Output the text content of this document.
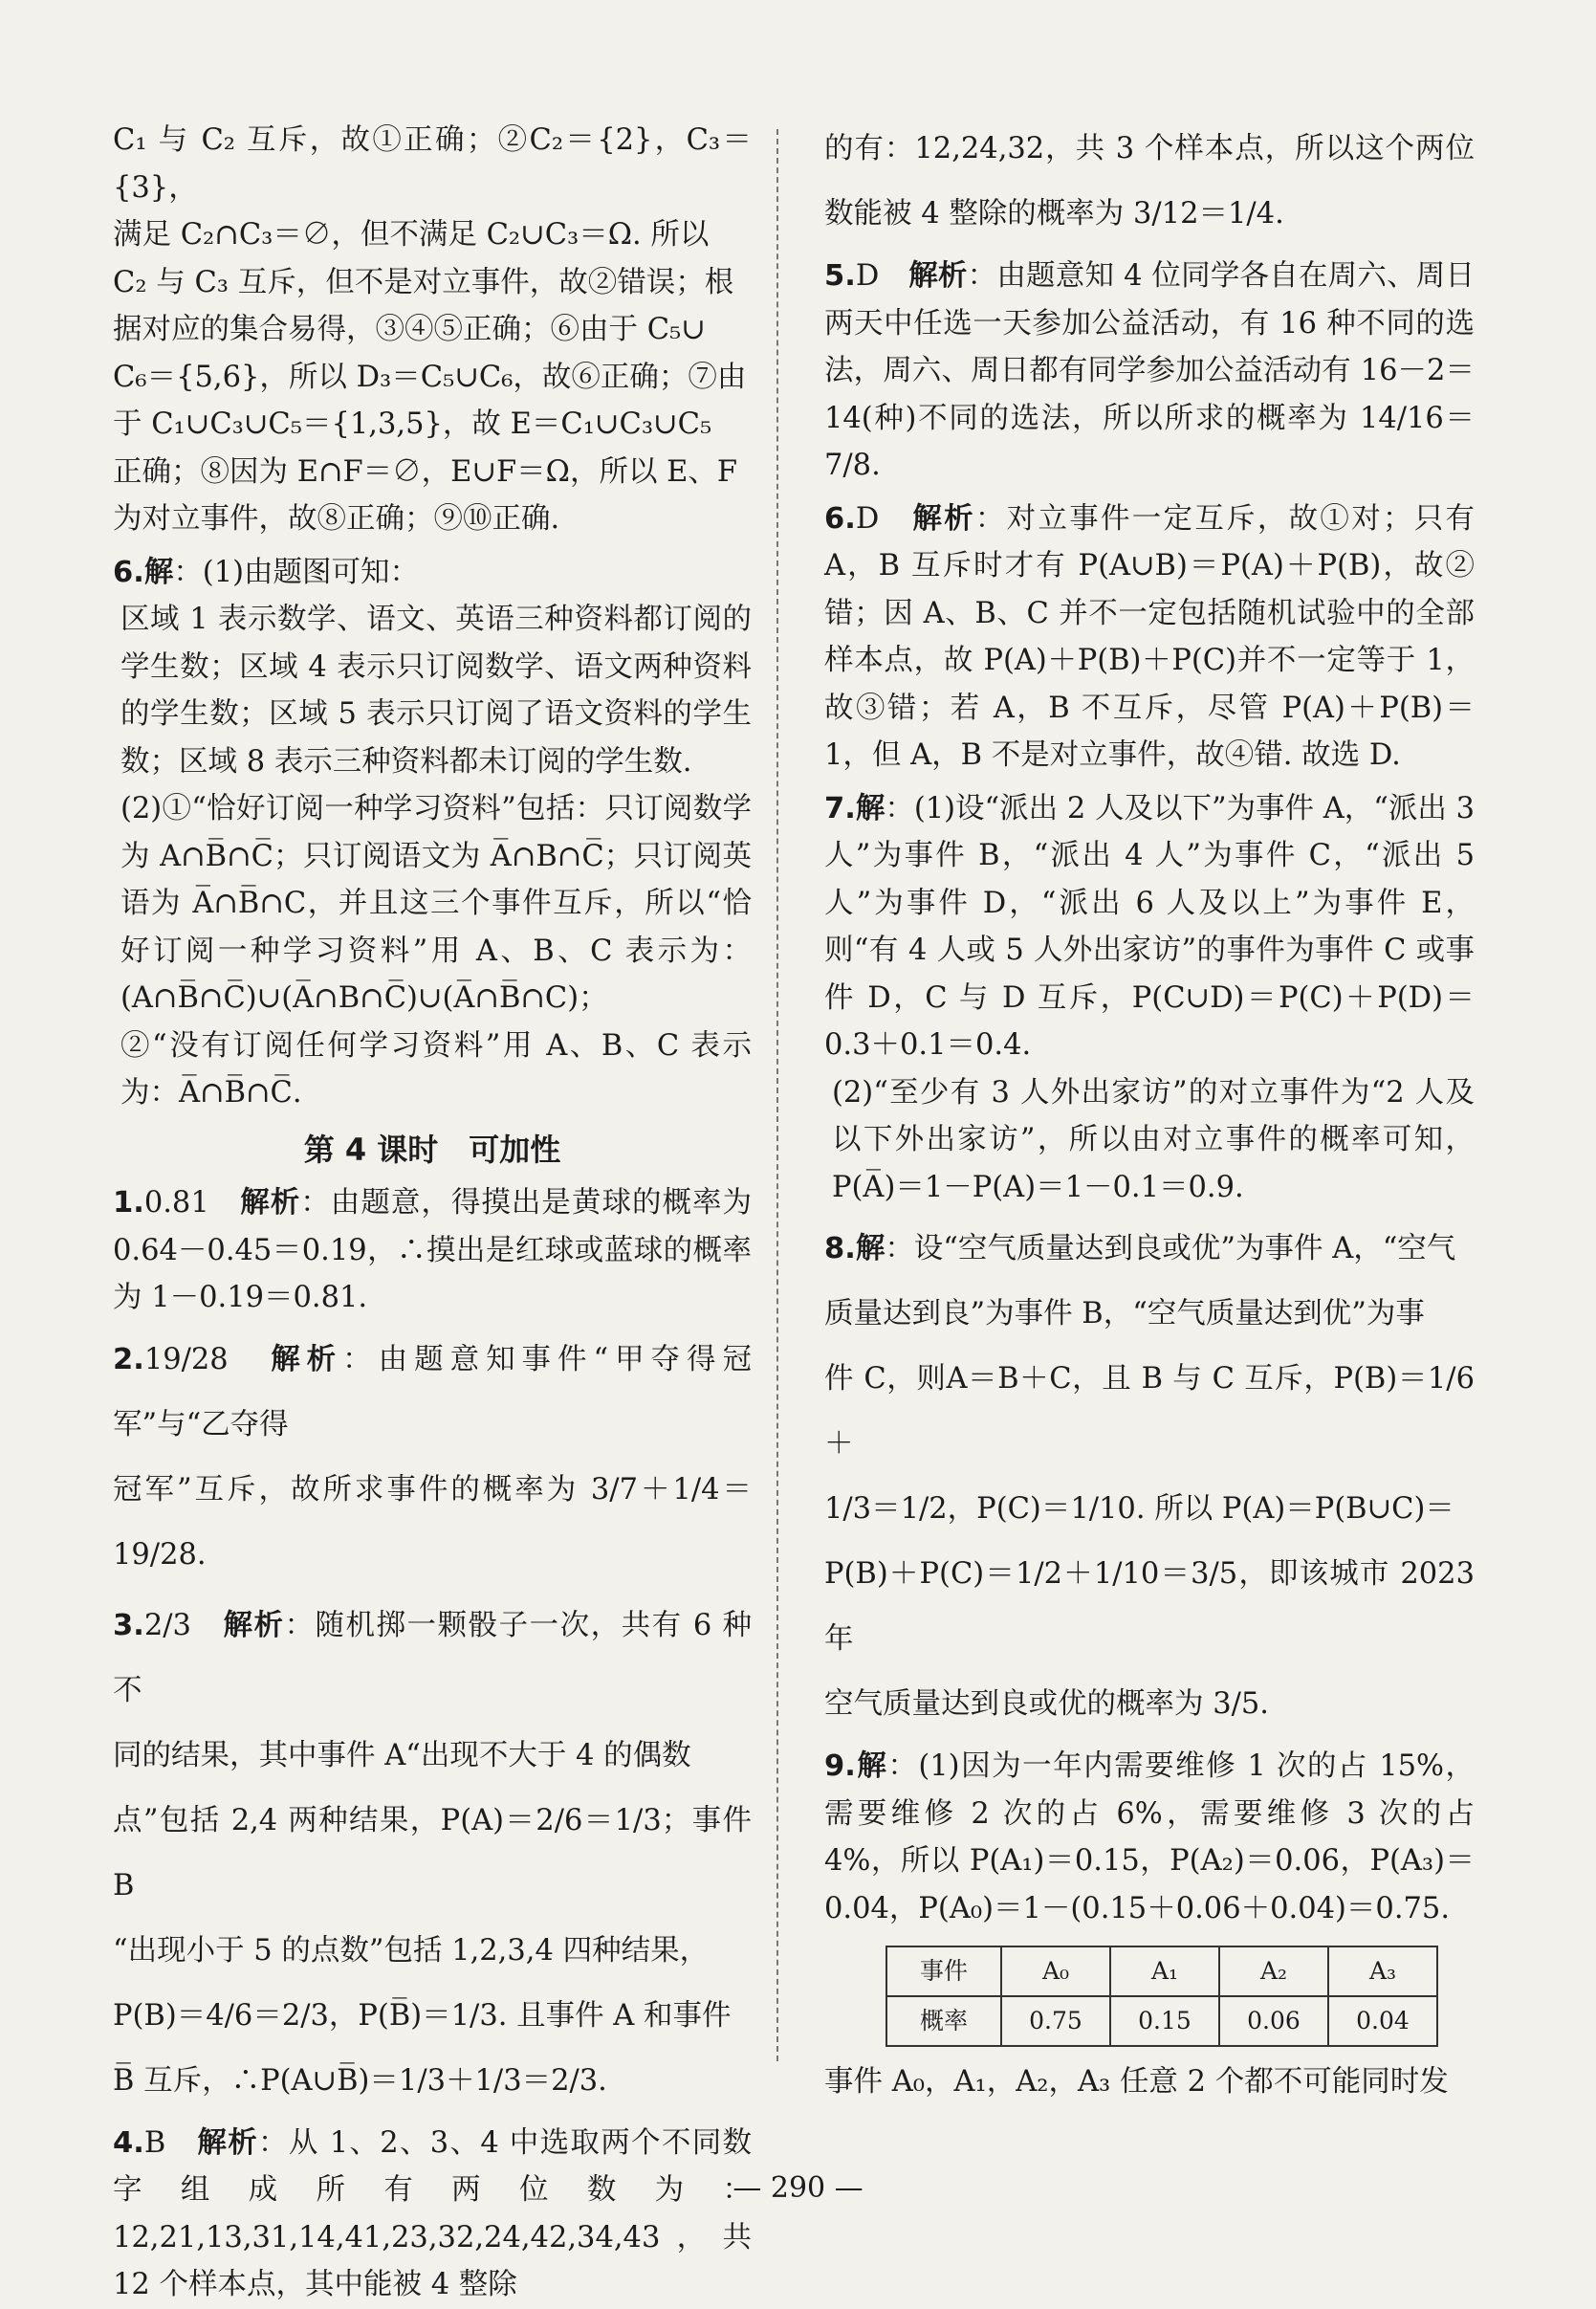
C₁ 与 C₂ 互斥，故①正确；②C₂＝{2}，C₃＝{3}，

满足 C₂∩C₃＝∅，但不满足 C₂∪C₃＝Ω. 所以

C₂ 与 C₃ 互斥，但不是对立事件，故②错误；根

据对应的集合易得，③④⑤正确；⑥由于 C₅∪

C₆＝{5,6}，所以 D₃＝C₅∪C₆，故⑥正确；⑦由

于 C₁∪C₃∪C₅＝{1,3,5}，故 E＝C₁∪C₃∪C₅

正确；⑧因为 E∩F＝∅，E∪F＝Ω，所以 E、F

为对立事件，故⑧正确；⑨⑩正确.

6.解：(1)由题图可知：

区域 1 表示数学、语文、英语三种资料都订阅的学生数；区域 4 表示只订阅数学、语文两种资料的学生数；区域 5 表示只订阅了语文资料的学生数；区域 8 表示三种资料都未订阅的学生数.

(2)①“恰好订阅一种学习资料”包括：只订阅数学为 A∩B̅∩C̅；只订阅语文为 A̅∩B∩C̅；只订阅英语为 A̅∩B̅∩C，并且这三个事件互斥，所以“恰好订阅一种学习资料”用 A、B、C 表示为：(A∩B̅∩C̅)∪(A̅∩B∩C̅)∪(A̅∩B̅∩C)；

②“没有订阅任何学习资料”用 A、B、C 表示为：A̅∩B̅∩C̅.

第 4 课时　可加性

1.0.81　 解析：由题意，得摸出是黄球的概率为 0.64－0.45＝0.19，∴摸出是红球或蓝球的概率为 1－0.19＝0.81.

2.19/28　 解析：由题意知事件“甲夺得冠军”与“乙夺得

冠军”互斥，故所求事件的概率为 3/7＋1/4＝19/28.

3.2/3　 解析：随机掷一颗骰子一次，共有 6 种不

同的结果，其中事件 A“出现不大于 4 的偶数

点”包括 2,4 两种结果，P(A)＝2/6＝1/3；事件 B

“出现小于 5 的点数”包括 1,2,3,4 四种结果，

P(B)＝4/6＝2/3，P(B̅)＝1/3. 且事件 A 和事件

B̅ 互斥，∴P(A∪B̅)＝1/3＋1/3＝2/3.

4.B　 解析：从 1、2、3、4 中选取两个不同数字组成所有两位数为：12,21,13,31,14,41,23,32,24,42,34,43，共 12 个样本点，其中能被 4 整除

的有：12,24,32，共 3 个样本点，所以这个两位数能被 4 整除的概率为 3/12＝1/4.

5.D　 解析：由题意知 4 位同学各自在周六、周日两天中任选一天参加公益活动，有 16 种不同的选法，周六、周日都有同学参加公益活动有 16－2＝14(种)不同的选法，所以所求的概率为 14/16＝7/8.

6.D　 解析：对立事件一定互斥，故①对；只有 A，B 互斥时才有 P(A∪B)＝P(A)＋P(B)，故②错；因 A、B、C 并不一定包括随机试验中的全部样本点，故 P(A)＋P(B)＋P(C)并不一定等于 1，故③错；若 A，B 不互斥，尽管 P(A)＋P(B)＝1，但 A，B 不是对立事件，故④错. 故选 D.

7.解：(1)设“派出 2 人及以下”为事件 A，“派出 3 人”为事件 B，“派出 4 人”为事件 C，“派出 5 人”为事件 D，“派出 6 人及以上”为事件 E，则“有 4 人或 5 人外出家访”的事件为事件 C 或事件 D，C 与 D 互斥，P(C∪D)＝P(C)＋P(D)＝0.3＋0.1＝0.4.

(2)“至少有 3 人外出家访”的对立事件为“2 人及以下外出家访”，所以由对立事件的概率可知，P(A̅)＝1－P(A)＝1－0.1＝0.9.

8.解：设“空气质量达到良或优”为事件 A，“空气

质量达到良”为事件 B，“空气质量达到优”为事

件 C，则A＝B＋C，且 B 与 C 互斥，P(B)＝1/6＋

1/3＝1/2，P(C)＝1/10. 所以 P(A)＝P(B∪C)＝

P(B)＋P(C)＝1/2＋1/10＝3/5，即该城市 2023 年

空气质量达到良或优的概率为 3/5.

9.解：(1)因为一年内需要维修 1 次的占 15%，需要维修 2 次的占 6%，需要维修 3 次的占 4%，所以 P(A₁)＝0.15，P(A₂)＝0.06，P(A₃)＝0.04，P(A₀)＝1－(0.15＋0.06＋0.04)＝0.75.

事件	A₀	A₁	A₂	A₃
概率	0.75	0.15	0.06	0.04

事件 A₀，A₁，A₂，A₃ 任意 2 个都不可能同时发

— 290 —
